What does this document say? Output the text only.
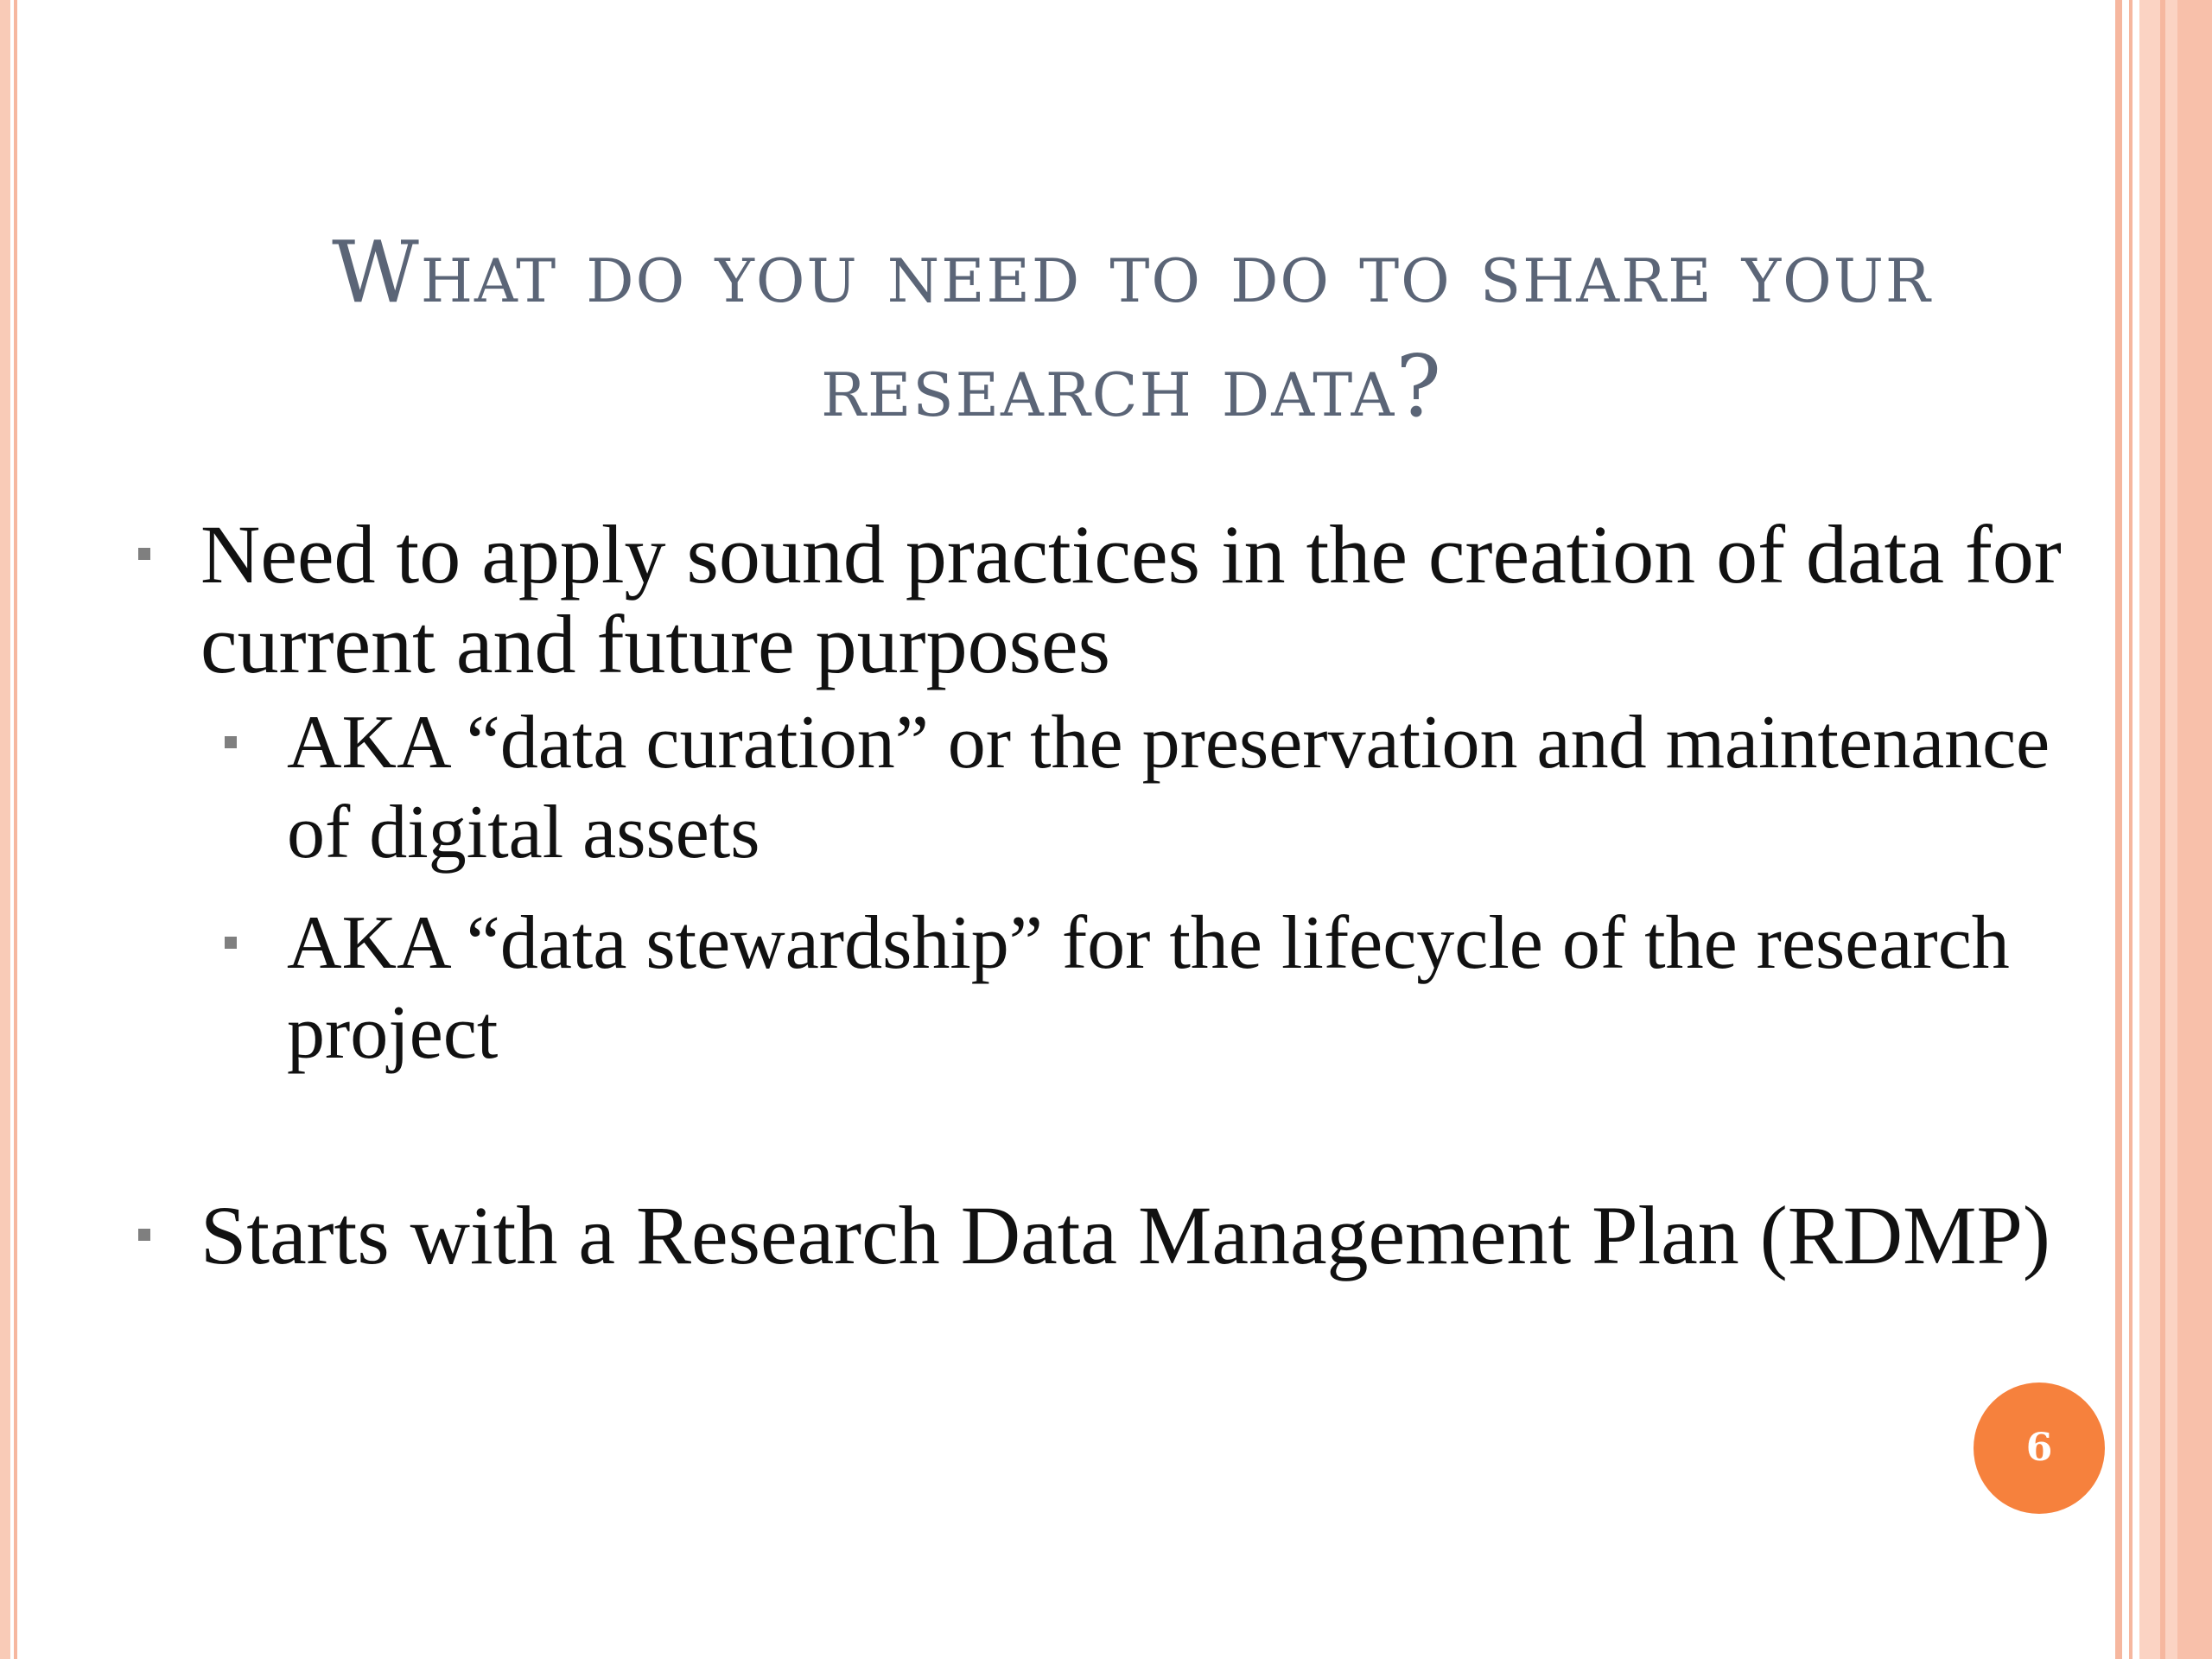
What do you need to do to share your research data?
Need to apply sound practices in the creation of data for current and future purposes
AKA “data curation” or the preservation and maintenance of digital assets
AKA “data stewardship” for the lifecycle of the research project
Starts with a Research Data Management Plan (RDMP)
6
